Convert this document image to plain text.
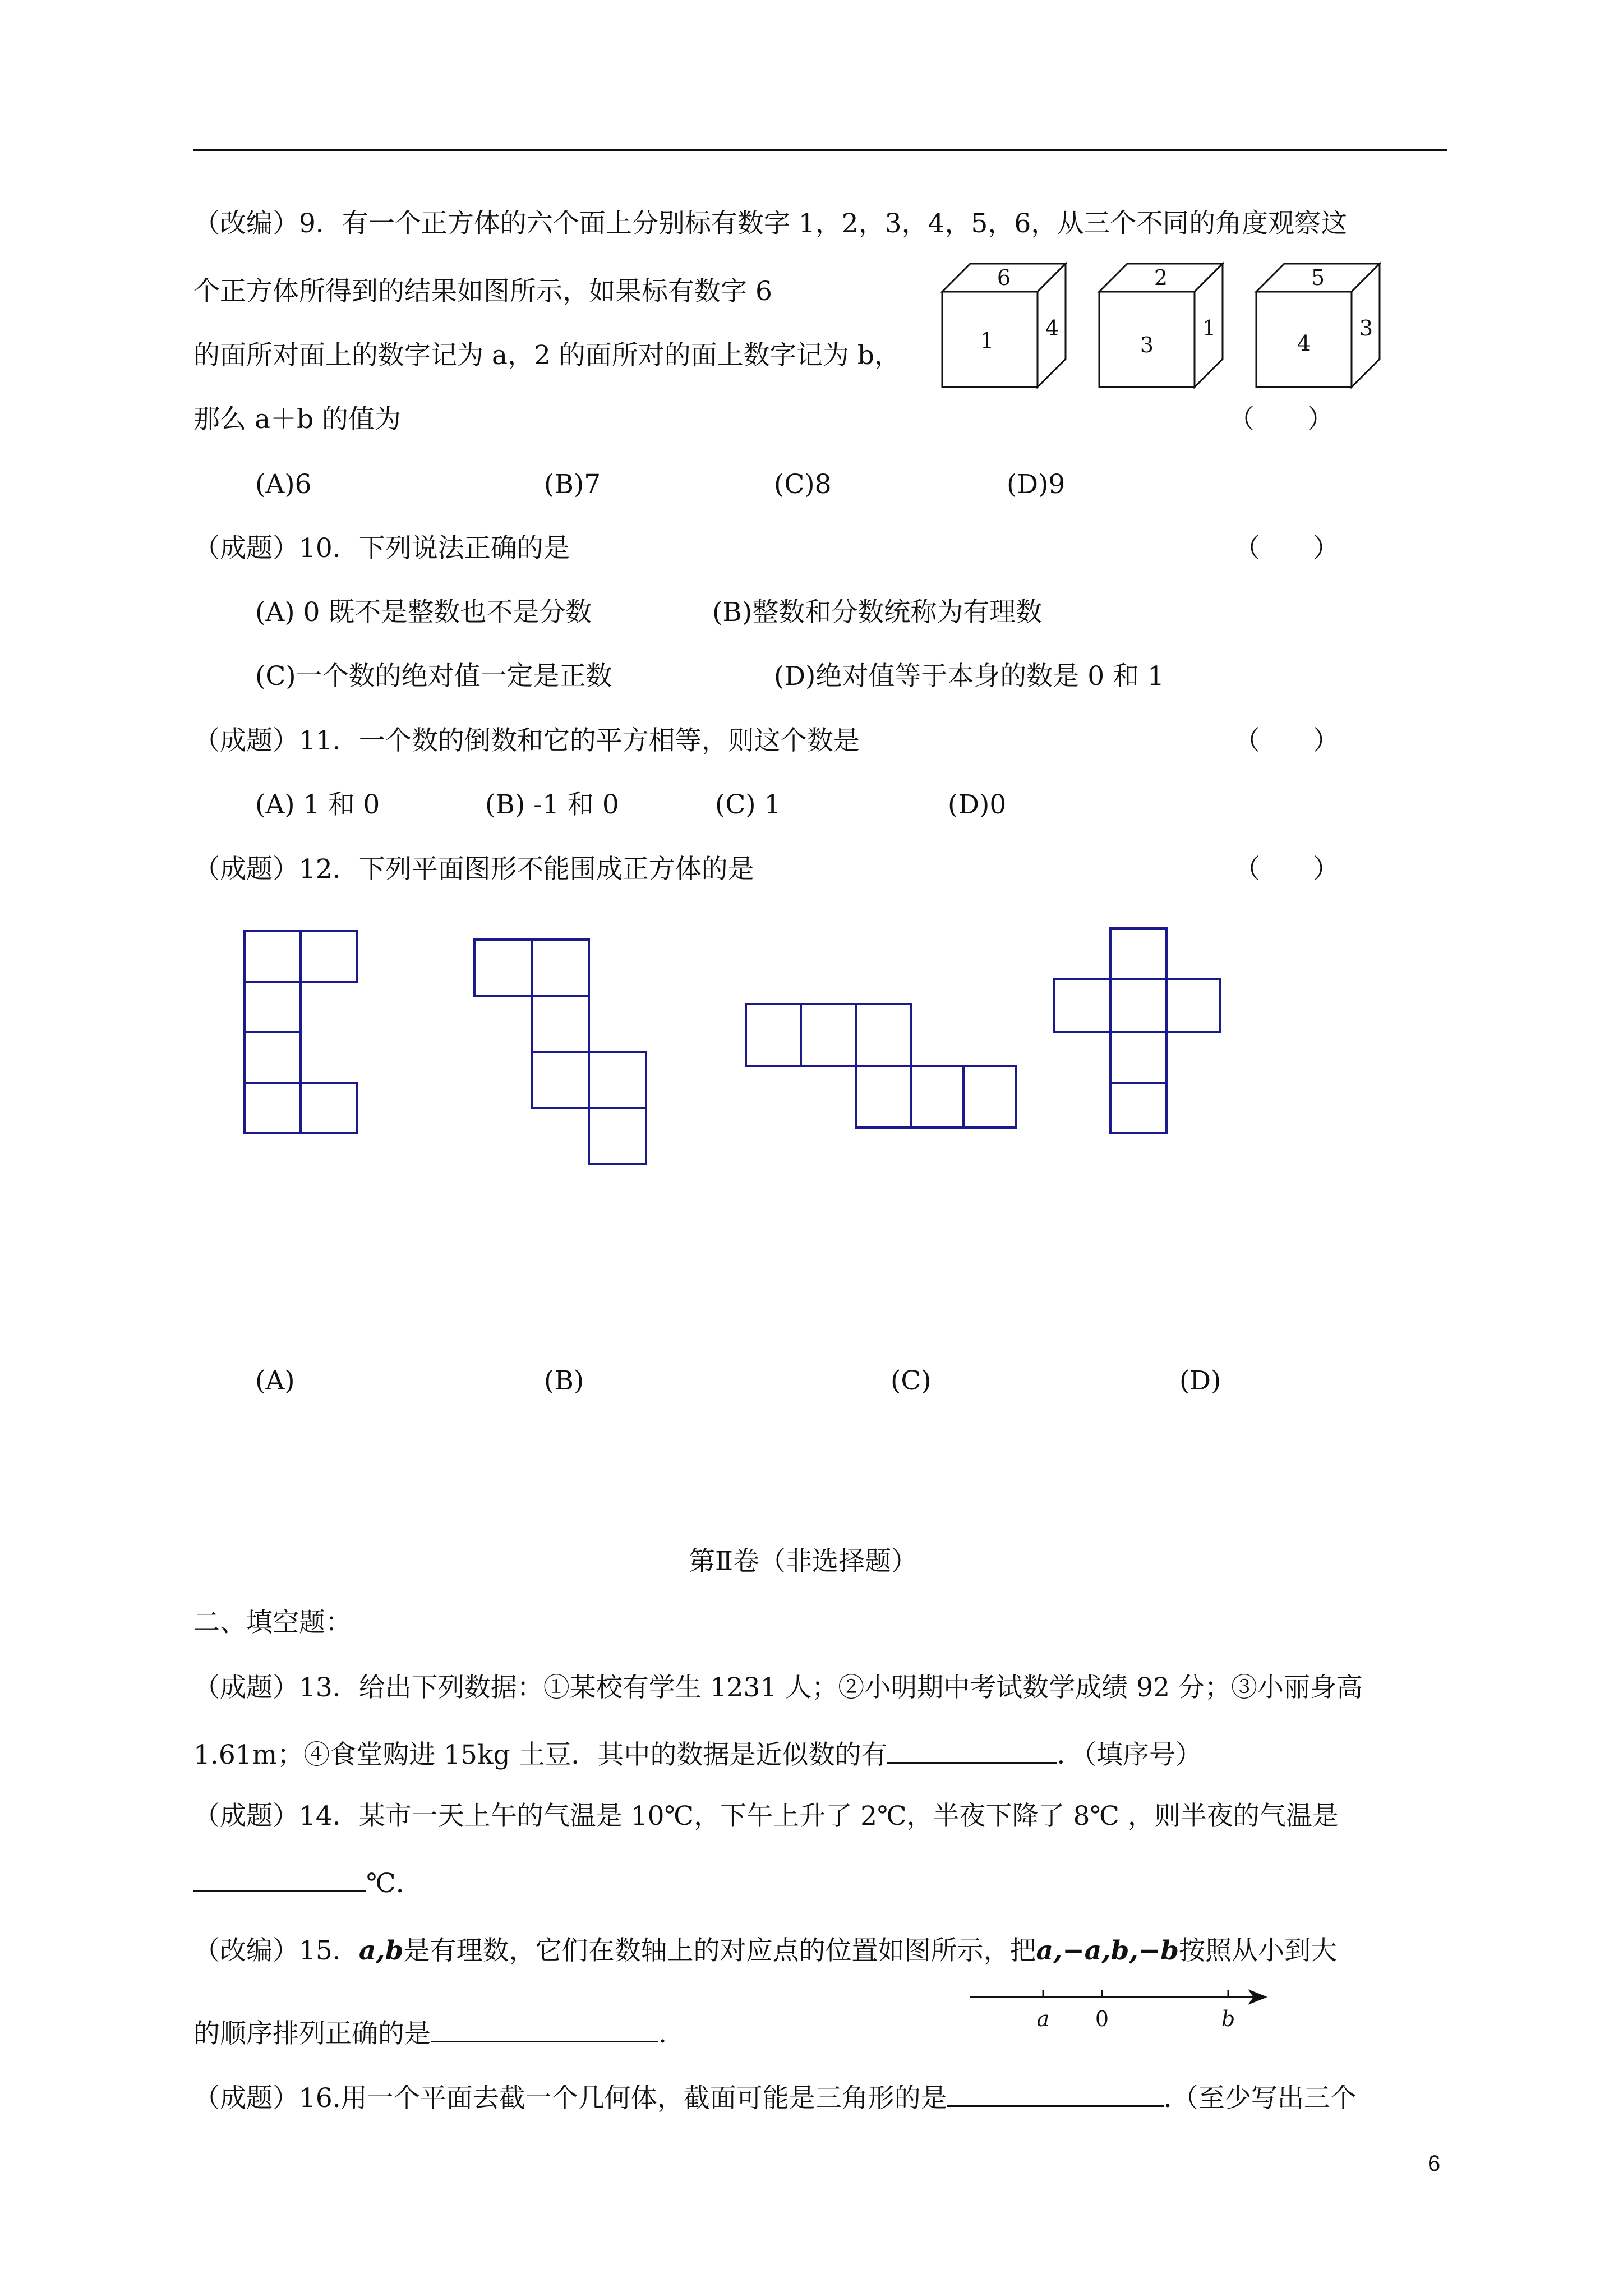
（改编）9．有一个正方体的六个面上分别标有数字 1，2，3，4，5，6，从三个不同的角度观察这
个正方体所得到的结果如图所示，如果标有数字 6
的面所对面上的数字记为 a，2 的面所对的面上数字记为 b，
那么 a＋b 的值为	（　　）
6
1 4
2
3
1
5
4
3
(A)6	(B)7	(C)8	(D)9
（成题）10．下列说法正确的是	（　　）
(A) 0 既不是整数也不是分数	(B)整数和分数统称为有理数
(C)一个数的绝对值一定是正数	(D)绝对值等于本身的数是 0 和 1
（成题）11．一个数的倒数和它的平方相等，则这个数是	（　　）
(A) 1 和 0	(B) -1 和 0	(C) 1	(D)0
（成题）12．下列平面图形不能围成正方体的是	（　　）
(A)	(B)	(C)	(D)
第Ⅱ卷（非选择题）
二、填空题：
（成题）13．给出下列数据：①某校有学生 1231 人；②小明期中考试数学成绩 92 分；③小丽身高
1.61m；④食堂购进 15kg 土豆．其中的数据是近似数的有	．（填序号）
（成题）14．某市一天上午的气温是 10℃，下午上升了 2℃，半夜下降了 8℃ ，则半夜的气温是
℃.
（改编）15．a,b是有理数，它们在数轴上的对应点的位置如图所示，把a,−a,b,−b按照从小到大
的顺序排列正确的是	.	a 0	b
（成题）16.用一个平面去截一个几何体，截面可能是三角形的是	.（至少写出三个
6
